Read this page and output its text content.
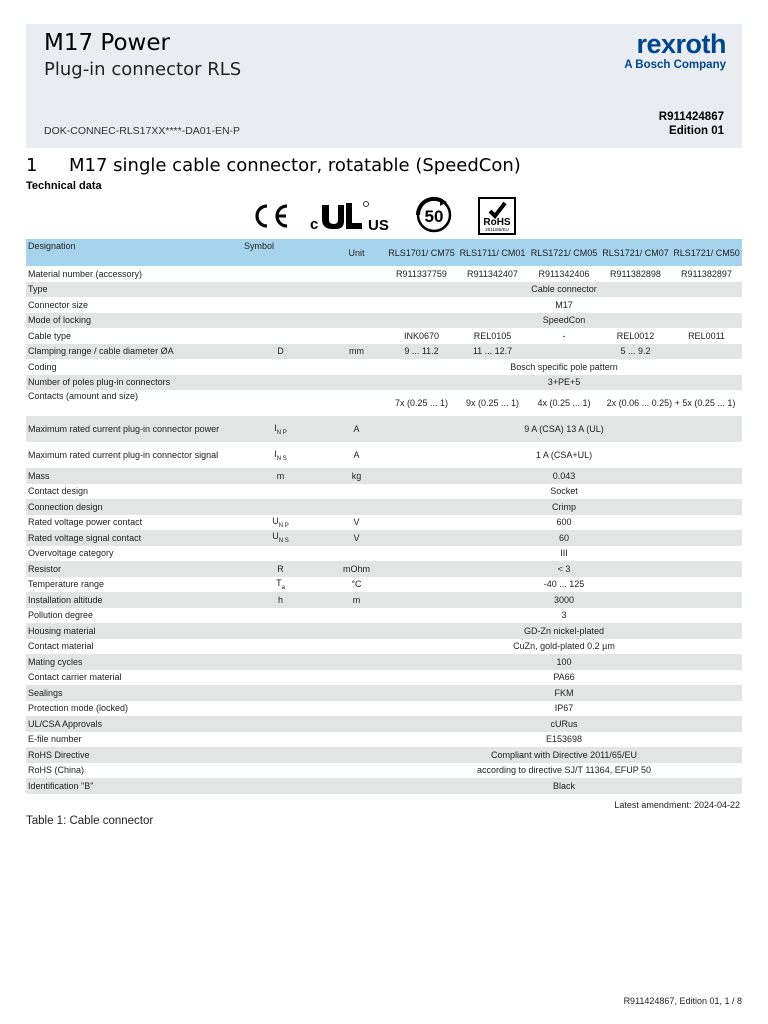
M17 Power
Plug-in connector RLS
DOK-CONNEC-RLS17XX****-DA01-EN-P
rexroth
A Bosch Company
R911424867
Edition 01
1 M17 single cable connector, rotatable (SpeedCon)
Technical data
c	US 50	RoHS
2011/65/EU
Designation	Symbol	Unit	RLS1701/ CM75	RLS1711/ CM01	RLS1721/ CM05	RLS1721/ CM07	RLS1721/ CM50
Material number (accessory)			R911337759	R911342407	R911342406	R911382898	R911382897
Type			Cable connector				
Connector size			M17				
Mode of locking			SpeedCon				
Cable type			INK0670	REL0105	-	REL0012	REL0011
Clamping range / cable diameter ØA	D	mm	9 ... 11.2	11 ... 12.7		5 ... 9.2	
Coding			Bosch specific pole pattern				
Number of poles plug-in connectors			3+PE+5				
Contacts (amount and size)			7x (0.25 ... 1)	9x (0.25 ... 1)	4x (0.25 ... 1)	2x (0.06 ... 0.25) + 5x (0.25 ... 1)	
Maximum rated current plug-in connector power	$I_{N P}$	A	9 A (CSA) 13 A (UL)				
Maximum rated current plug-in connector signal	$I_{N S}$	A	1 A (CSA+UL)				
Mass	m	kg	0.043				
Contact design			Socket				
Connection design			Crimp				
Rated voltage power contact	$U_{N P}$	V	600				
Rated voltage signal contact	$U_{N S}$	V	60				
Overvoltage category			III				
Resistor	R	mOhm	< 3				
Temperature range	$T_a$	°C	-40 ... 125				
Installation altitude	h	m	3000				
Pollution degree			3				
Housing material			GD-Zn nickel-plated				
Contact material			CuZn, gold-plated 0.2 µm				
Mating cycles			100				
Contact carrier material			PA66				
Sealings			FKM				
Protection mode (locked)			IP67				
UL/CSA Approvals			cURus				
E-file number			E153698				
RoHS Directive			Compliant with Directive 2011/65/EU				
RoHS (China)			according to directive SJ/T 11364, EFUP 50				
Identification "B"			Black				
Latest amendment: 2024-04-22
Table 1: Cable connector
R911424867, Edition 01, 1 / 8
